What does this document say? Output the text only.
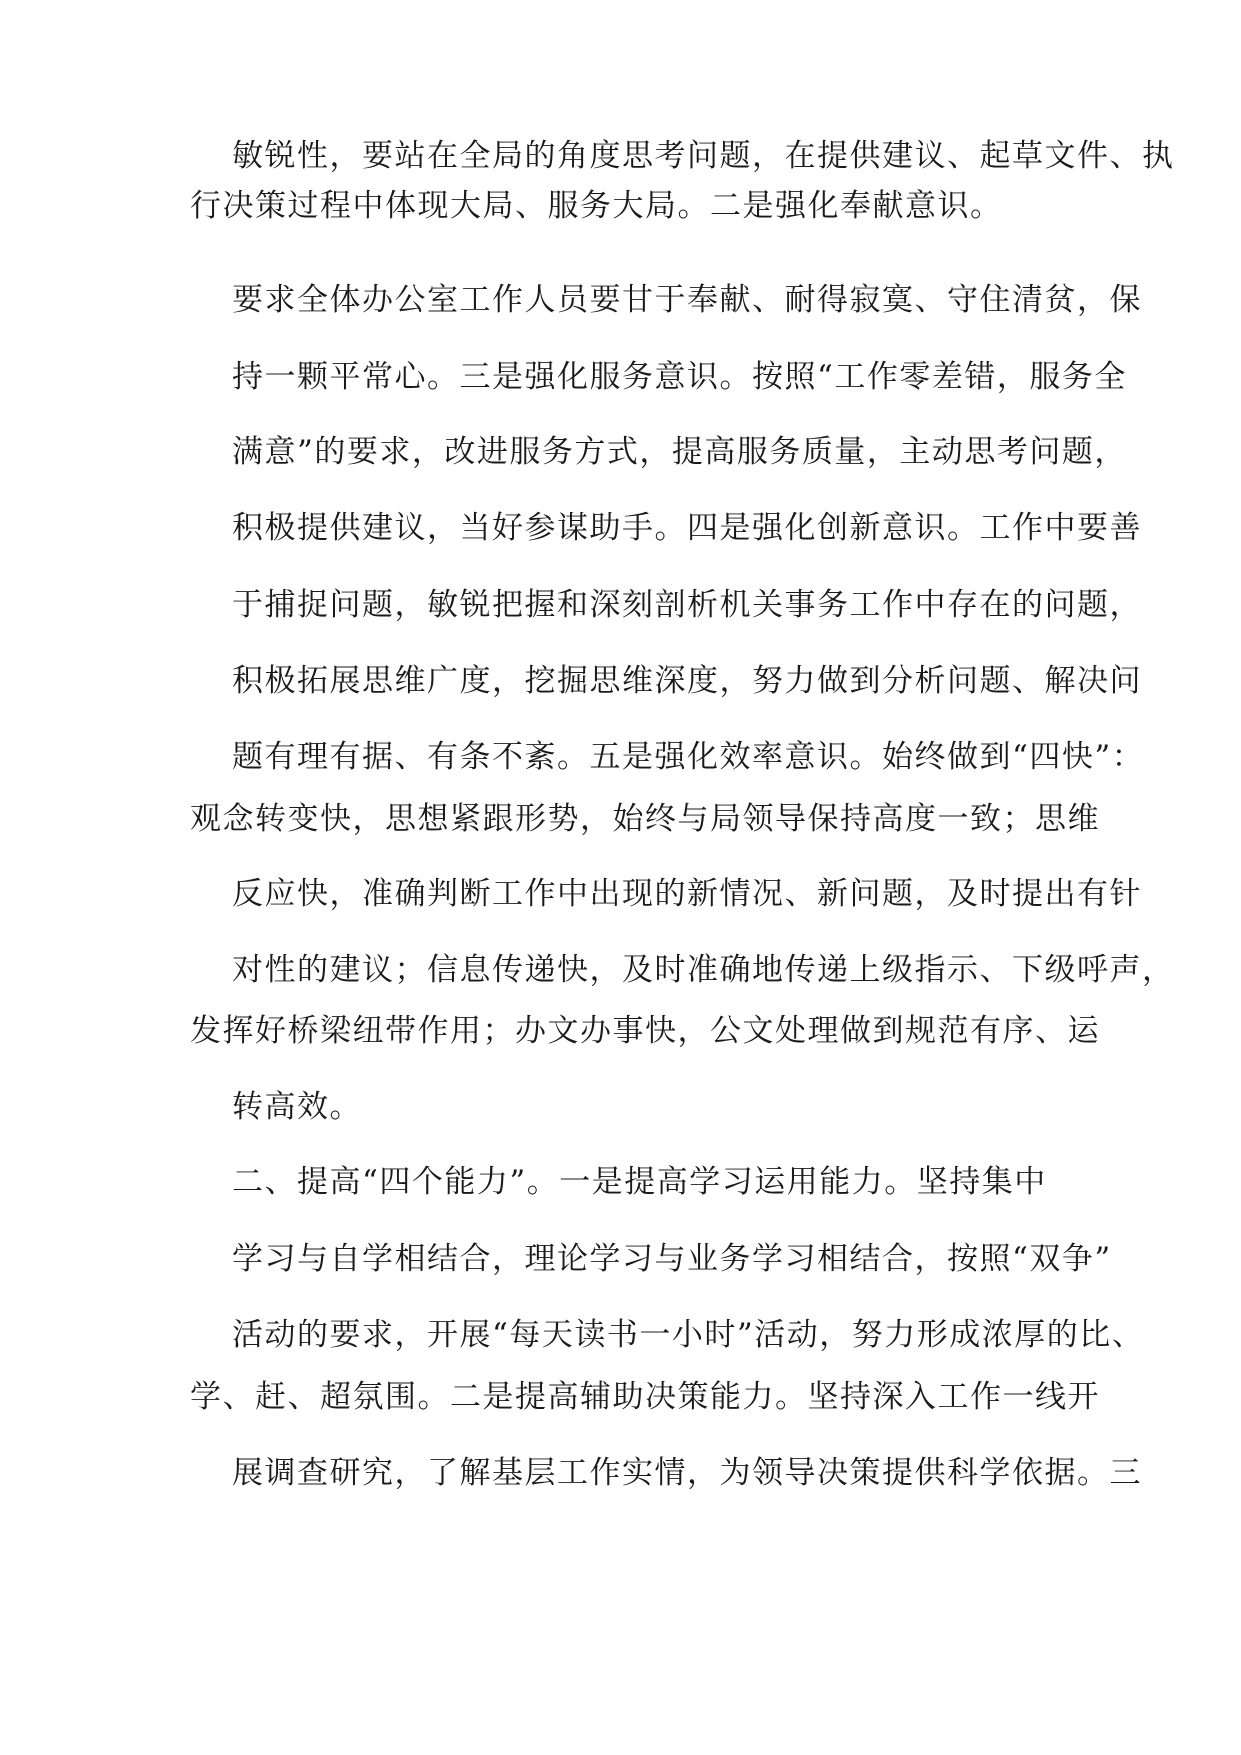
敏锐性，要站在全局的角度思考问题，在提供建议、起草文件、执
行决策过程中体现大局、服务大局。二是强化奉献意识。
要求全体办公室工作人员要甘于奉献、耐得寂寞、守住清贫，保
持一颗平常心。三是强化服务意识。按照“工作零差错，服务全
满意”的要求，改进服务方式，提高服务质量，主动思考问题，
积极提供建议，当好参谋助手。四是强化创新意识。工作中要善
于捕捉问题，敏锐把握和深刻剖析机关事务工作中存在的问题，
积极拓展思维广度，挖掘思维深度，努力做到分析问题、解决问
题有理有据、有条不紊。五是强化效率意识。始终做到“四快”：
观念转变快，思想紧跟形势，始终与局领导保持高度一致；思维
反应快，准确判断工作中出现的新情况、新问题，及时提出有针
对性的建议；信息传递快，及时准确地传递上级指示、下级呼声，
发挥好桥梁纽带作用；办文办事快，公文处理做到规范有序、运
转高效。
二、提高“四个能力”。一是提高学习运用能力。坚持集中
学习与自学相结合，理论学习与业务学习相结合，按照“双争”
活动的要求，开展“每天读书一小时”活动，努力形成浓厚的比、
学、赶、超氛围。二是提高辅助决策能力。坚持深入工作一线开
展调查研究，了解基层工作实情，为领导决策提供科学依据。三
